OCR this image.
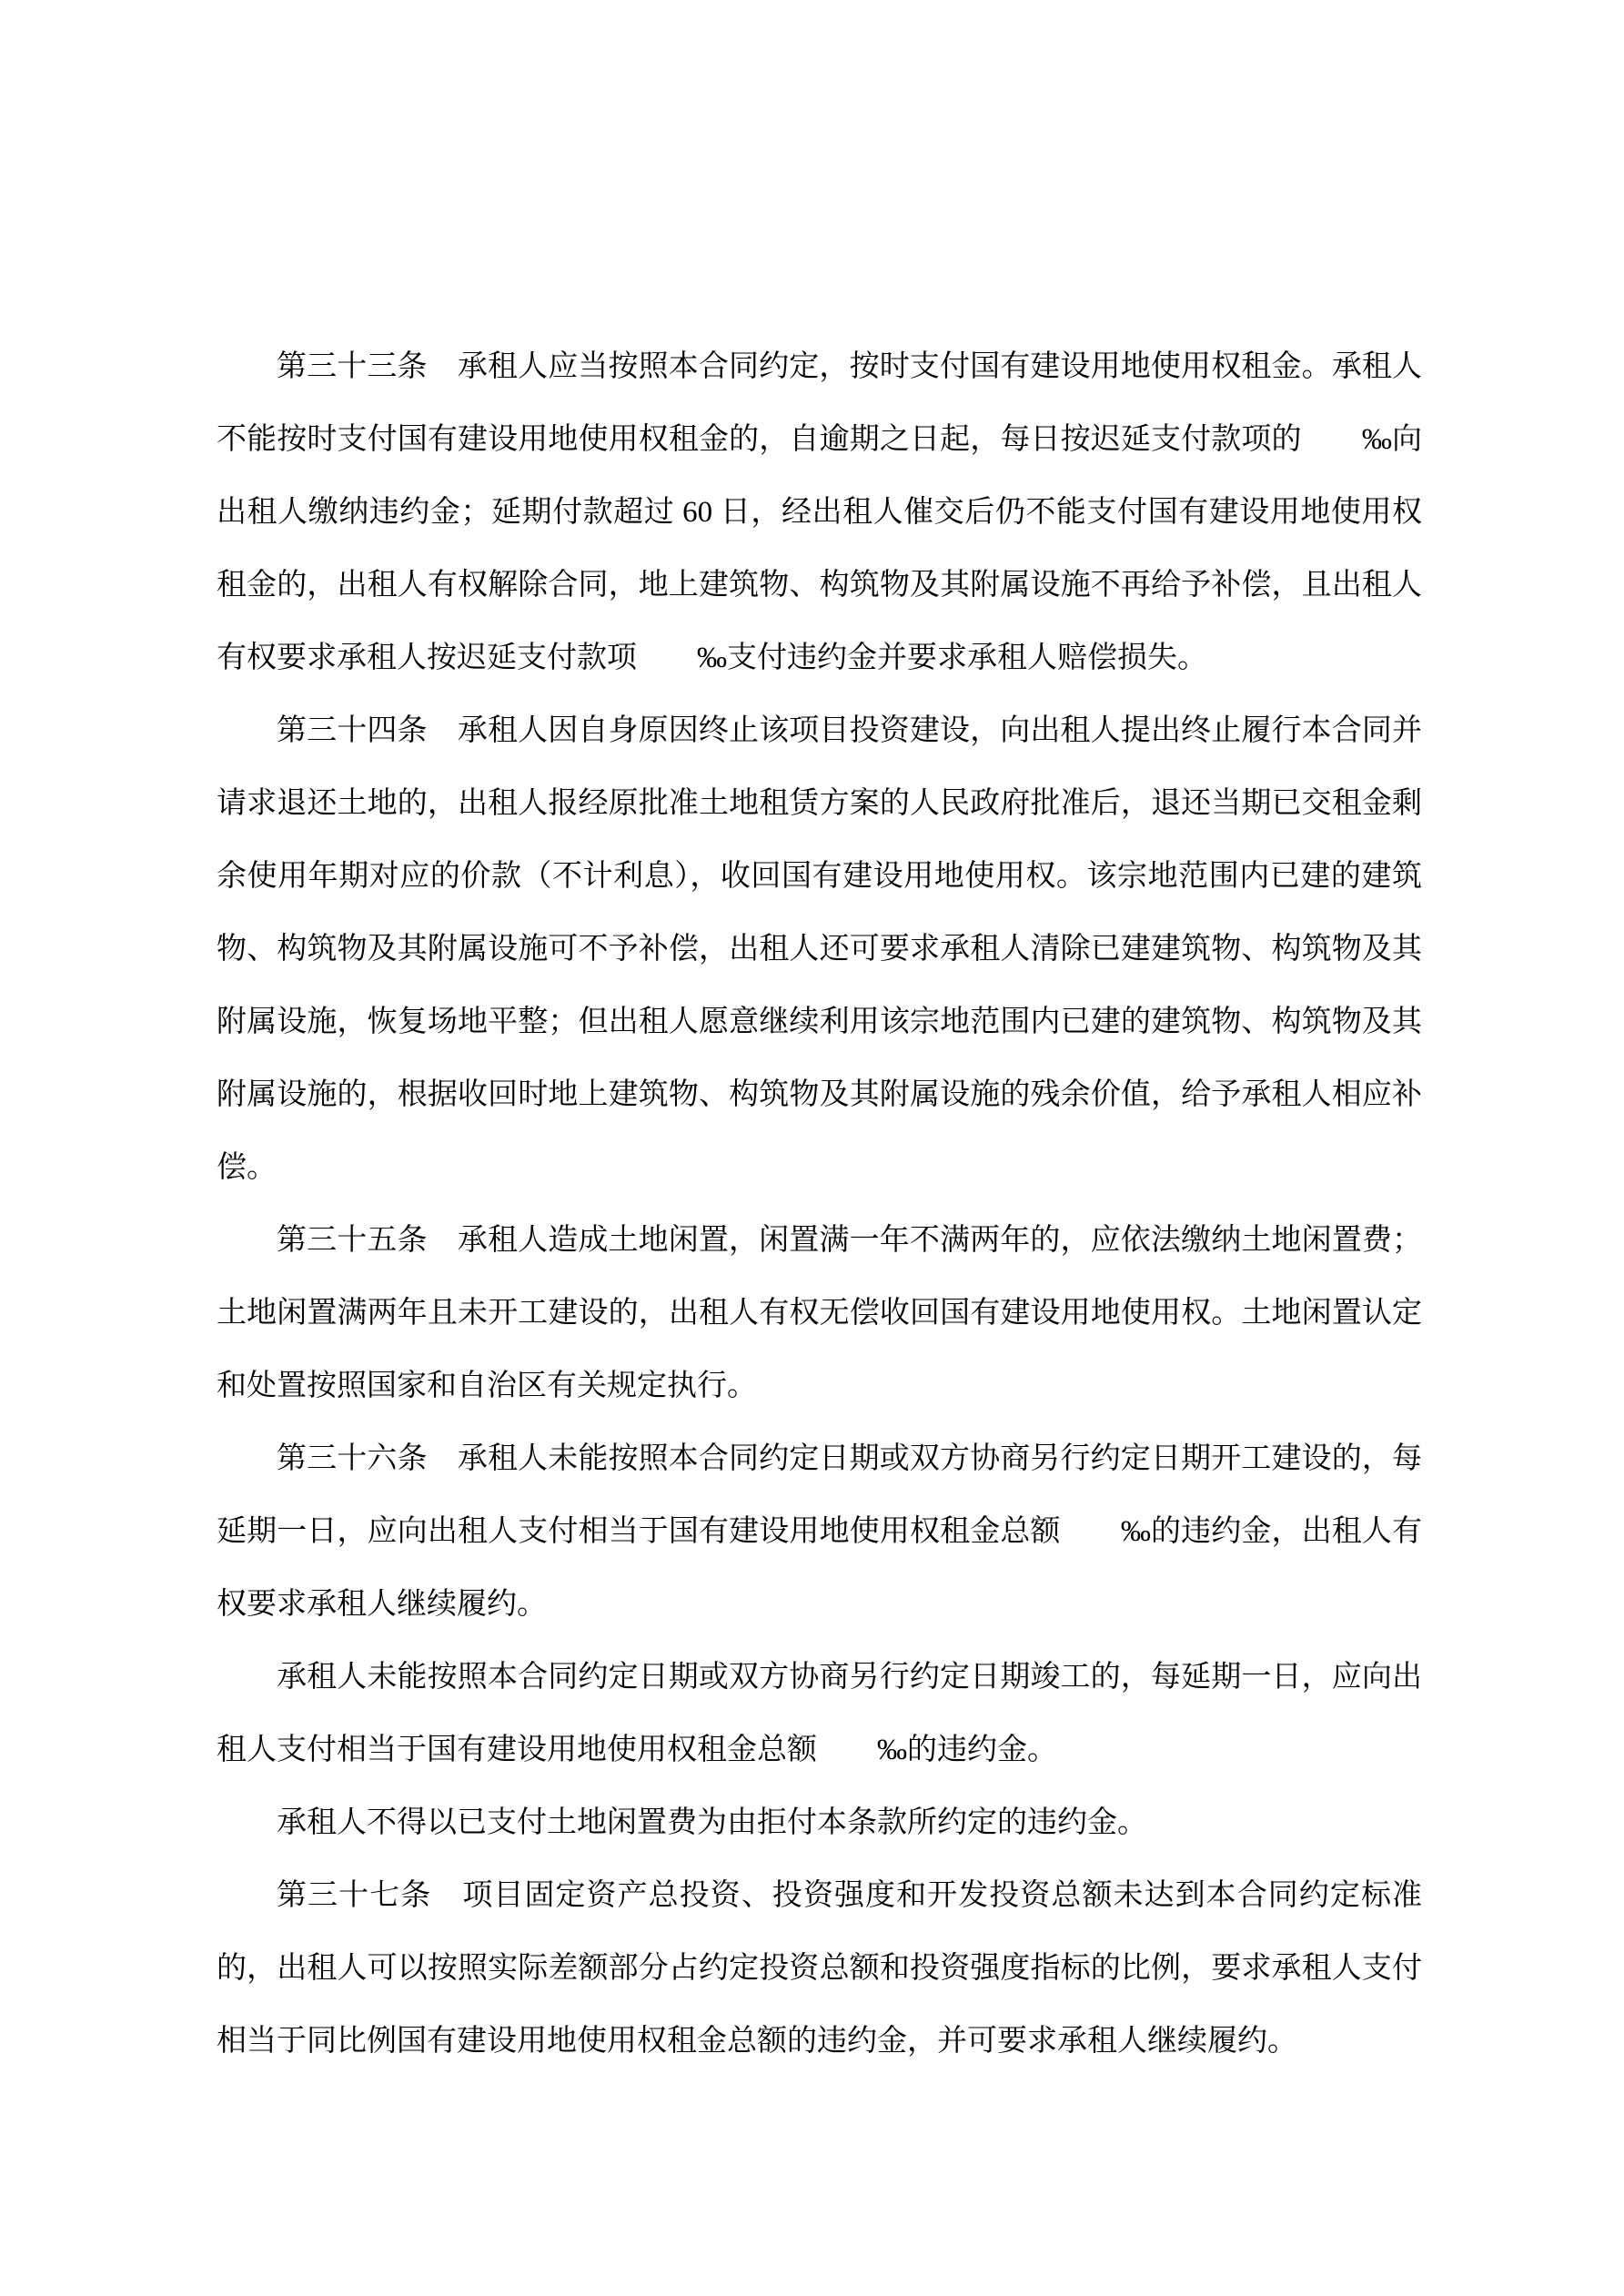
第三十三条　承租人应当按照本合同约定，按时支付国有建设用地使用权租金。承租人不能按时支付国有建设用地使用权租金的，自逾期之日起，每日按迟延支付款项的　　‰向出租人缴纳违约金；延期付款超过 60 日，经出租人催交后仍不能支付国有建设用地使用权租金的，出租人有权解除合同，地上建筑物、构筑物及其附属设施不再给予补偿，且出租人有权要求承租人按迟延支付款项　　‰支付违约金并要求承租人赔偿损失。

第三十四条　承租人因自身原因终止该项目投资建设，向出租人提出终止履行本合同并请求退还土地的，出租人报经原批准土地租赁方案的人民政府批准后，退还当期已交租金剩余使用年期对应的价款（不计利息），收回国有建设用地使用权。该宗地范围内已建的建筑物、构筑物及其附属设施可不予补偿，出租人还可要求承租人清除已建建筑物、构筑物及其附属设施，恢复场地平整；但出租人愿意继续利用该宗地范围内已建的建筑物、构筑物及其附属设施的，根据收回时地上建筑物、构筑物及其附属设施的残余价值，给予承租人相应补偿。

第三十五条　承租人造成土地闲置，闲置满一年不满两年的，应依法缴纳土地闲置费；土地闲置满两年且未开工建设的，出租人有权无偿收回国有建设用地使用权。土地闲置认定和处置按照国家和自治区有关规定执行。

第三十六条　承租人未能按照本合同约定日期或双方协商另行约定日期开工建设的，每延期一日，应向出租人支付相当于国有建设用地使用权租金总额　　‰的违约金，出租人有权要求承租人继续履约。

承租人未能按照本合同约定日期或双方协商另行约定日期竣工的，每延期一日，应向出租人支付相当于国有建设用地使用权租金总额　　‰的违约金。

承租人不得以已支付土地闲置费为由拒付本条款所约定的违约金。

第三十七条　项目固定资产总投资、投资强度和开发投资总额未达到本合同约定标准的，出租人可以按照实际差额部分占约定投资总额和投资强度指标的比例，要求承租人支付相当于同比例国有建设用地使用权租金总额的违约金，并可要求承租人继续履约。
